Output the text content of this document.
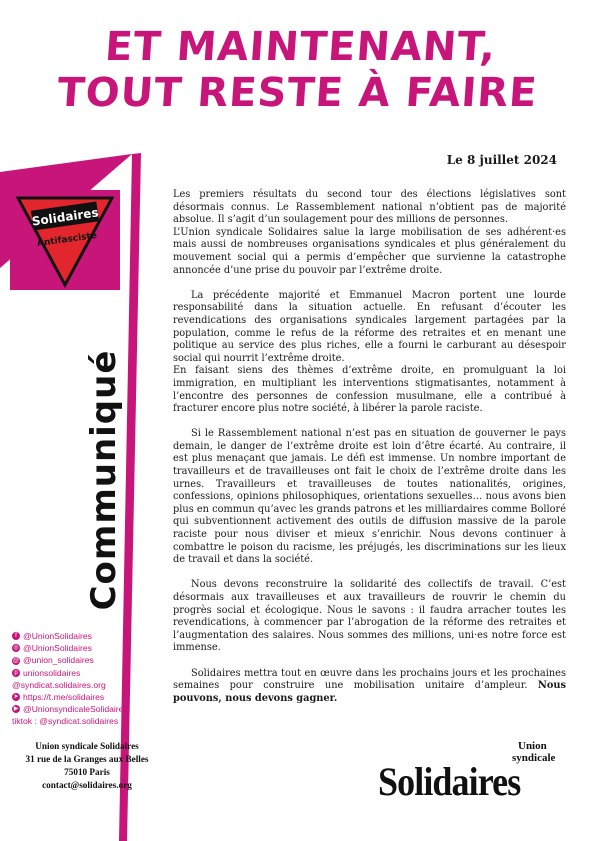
Solidaires
Antifasciste
ET MAINTENANT,
TOUT RESTE À FAIRE
Le 8 juillet 2024
Communiqué
f @UnionSolidaires
◎ @UnionSolidaires
@ @union_solidaires
p unionsolidaires
@syndicat.solidaires.org
➤ https://t.me/solidaires
▶ @UnionsyndicaleSolidaires
tiktok : @syndicat.solidaires
Union syndicale Solidaires
31 rue de la Granges aux Belles
75010 Paris
contact@solidaires.org

Les premiers résultats du second tour des élections législatives sont désormais connus. Le Rassemblement national n’obtient pas de majorité absolue. Il s’agit d’un soulagement pour des millions de personnes.

L’Union syndicale Solidaires salue la large mobilisation de ses adhérent·es mais aussi de nombreuses organisations syndicales et plus généralement du mouvement social qui a permis d’empêcher que survienne la catastrophe annoncée d’une prise du pouvoir par l’extrême droite.

La précédente majorité et Emmanuel Macron portent une lourde responsabilité dans la situation actuelle. En refusant d’écouter les revendications des organisations syndicales largement partagées par la population, comme le refus de la réforme des retraites et en menant une politique au service des plus riches, elle a fourni le carburant au désespoir social qui nourrit l’extrême droite.

En faisant siens des thèmes d’extrême droite, en promulguant la loi immigration, en multipliant les interventions stigmatisantes, notamment à l’encontre des personnes de confession musulmane, elle a contribué à fracturer encore plus notre société, à libérer la parole raciste.

Si le Rassemblement national n’est pas en situation de gouverner le pays demain, le danger de l’extrême droite est loin d’être écarté. Au contraire, il est plus menaçant que jamais. Le défi est immense. Un nombre important de travailleurs et de travailleuses ont fait le choix de l’extrême droite dans les urnes. Travailleurs et travailleuses de toutes nationalités, origines, confessions, opinions philosophiques, orientations sexuelles… nous avons bien plus en commun qu’avec les grands patrons et les milliardaires comme Bolloré qui subventionnent activement des outils de diffusion massive de la parole raciste pour nous diviser et mieux s’enrichir. Nous devons continuer à combattre le poison du racisme, les préjugés, les discriminations sur les lieux de travail et dans la société.

Nous devons reconstruire la solidarité des collectifs de travail. C’est désormais aux travailleuses et aux travailleurs de rouvrir le chemin du progrès social et écologique. Nous le savons : il faudra arracher toutes les revendications, à commencer par l’abrogation de la réforme des retraites et l’augmentation des salaires. Nous sommes des millions, uni·es notre force est immense.

Solidaires mettra tout en œuvre dans les prochains jours et les prochaines semaines pour construire une mobilisation unitaire d’ampleur. Nous pouvons, nous devons gagner.

Union
syndicale
Solidaires
